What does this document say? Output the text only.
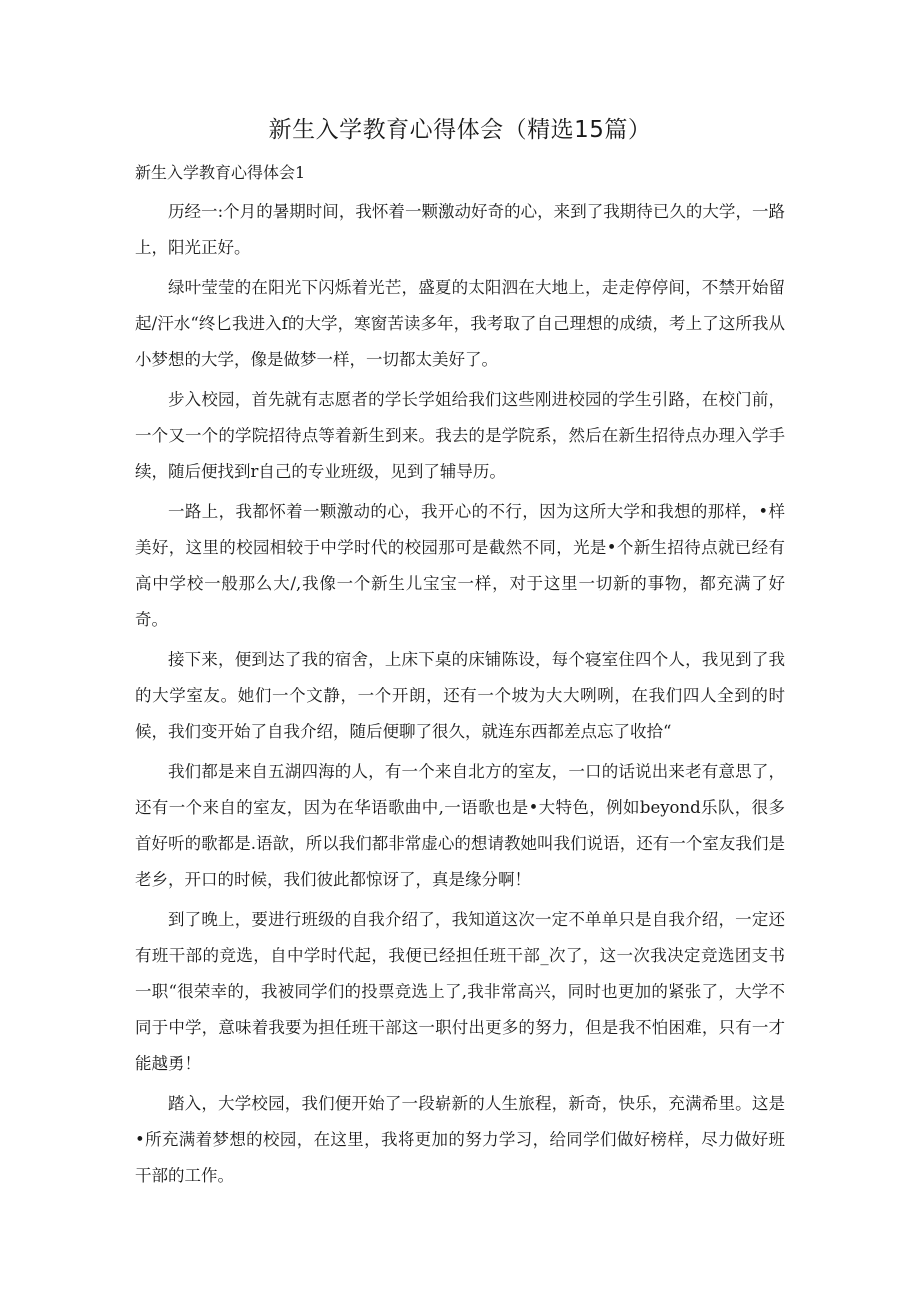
新生入学教育心得体会（精选15篇）
新生入学教育心得体会1

历经一:个月的暑期时间，我怀着一颗激动好奇的心，来到了我期待已久的大学，一路上，阳光正好。

绿叶莹莹的在阳光下闪烁着光芒，盛夏的太阳泗在大地上，走走停停间，不禁开始留起/汗水“终匕我进入f的大学，寒窗苦读多年，我考取了自己理想的成绩，考上了这所我从小梦想的大学，像是做梦一样，一切都太美好了。

步入校园，首先就有志愿者的学长学姐给我们这些刚进校园的学生引路，在校门前，一个又一个的学院招待点等着新生到来。我去的是学院系，然后在新生招待点办理入学手续，随后便找到r自己的专业班级，见到了辅导历。

一路上，我都怀着一颗激动的心，我开心的不行，因为这所大学和我想的那样，•样美好，这里的校园相较于中学时代的校园那可是截然不同，光是•个新生招待点就已经有高中学校一般那么大/,我像一个新生儿宝宝一样，对于这里一切新的事物，都充满了好奇。

接下来，便到达了我的宿舍，上床下桌的床铺陈设，每个寝室住四个人，我见到了我的大学室友。她们一个文静，一个开朗，还有一个坡为大大咧咧，在我们四人全到的时候，我们变开始了自我介绍，随后便聊了很久，就连东西都差点忘了收拾“

我们都是来自五湖四海的人，有一个来自北方的室友，一口的话说出来老有意思了，还有一个来自的室友，因为在华语歌曲中,一语歌也是•大特色，例如beyond乐队，很多首好听的歌都是.语歆，所以我们都非常虚心的想请教她叫我们说语，还有一个室友我们是老乡，开口的时候，我们彼此都惊讶了，真是缘分啊！

到了晚上，要进行班级的自我介绍了，我知道这次一定不单单只是自我介绍，一定还有班干部的竞选，自中学时代起，我便已经担任班干部_次了，这一次我决定竞选团支书一职“很荣幸的，我被同学们的投票竞选上了,我非常高兴，同时也更加的紧张了，大学不同于中学，意味着我要为担任班干部这一职付出更多的努力，但是我不怕困难，只有一才能越勇！

踏入，大学校园，我们便开始了一段崭新的人生旅程，新奇，快乐，充满希里。这是•所充满着梦想的校园，在这里，我将更加的努力学习，给同学们做好榜样，尽力做好班干部的工作。
